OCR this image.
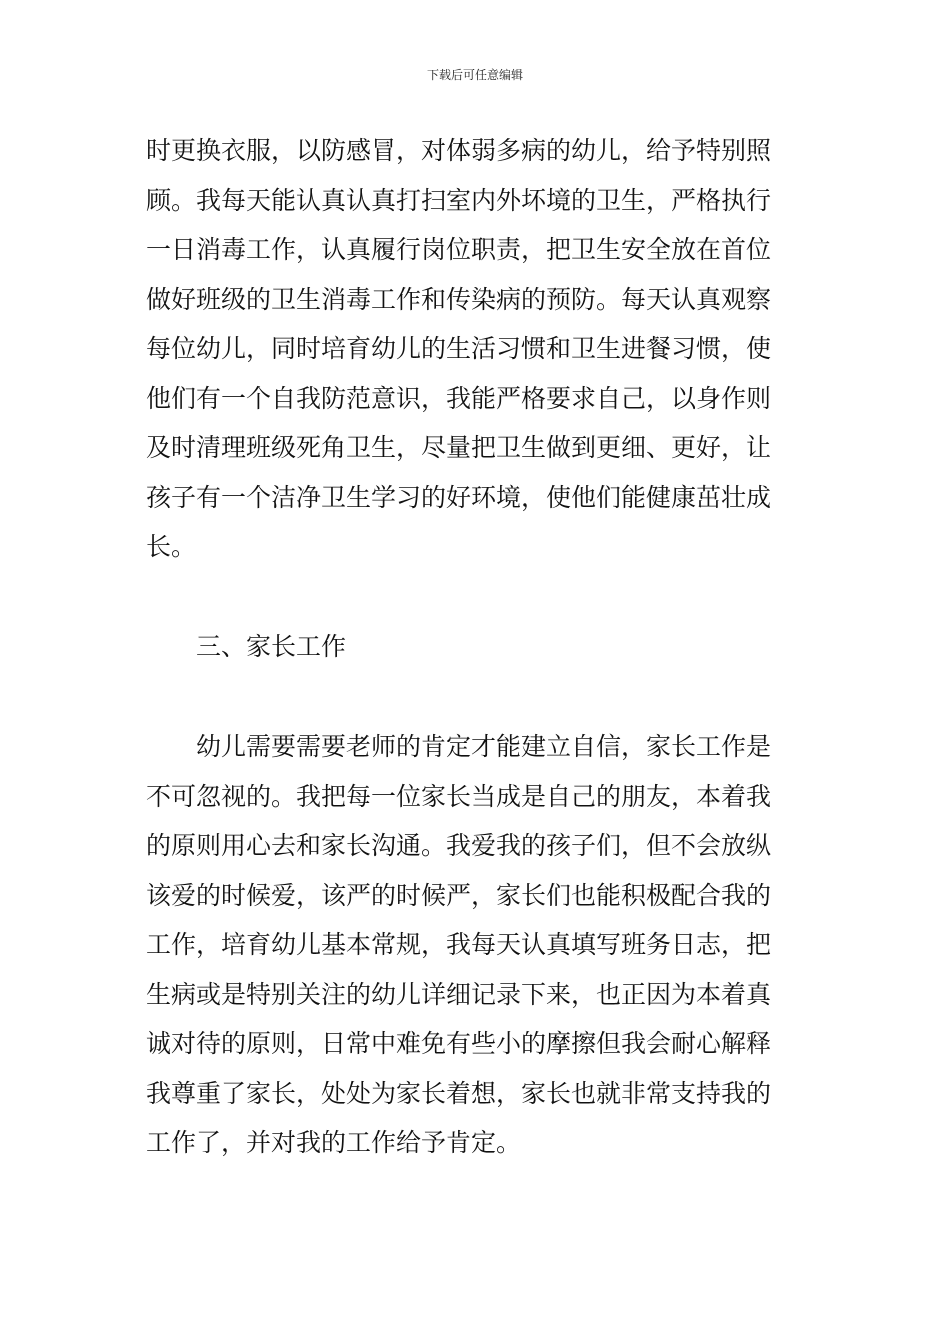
下载后可任意编辑
时更换衣服，以防感冒，对体弱多病的幼儿，给予特别照
顾。我每天能认真认真打扫室内外坏境的卫生，严格执行
一日消毒工作，认真履行岗位职责，把卫生安全放在首位
做好班级的卫生消毒工作和传染病的预防。每天认真观察
每位幼儿，同时培育幼儿的生活习惯和卫生进餐习惯，使
他们有一个自我防范意识，我能严格要求自己，以身作则
及时清理班级死角卫生，尽量把卫生做到更细、更好，让
孩子有一个洁净卫生学习的好环境，使他们能健康茁壮成
长。
三、家长工作
幼儿需要需要老师的肯定才能建立自信，家长工作是
不可忽视的。我把每一位家长当成是自己的朋友，本着我
的原则用心去和家长沟通。我爱我的孩子们，但不会放纵
该爱的时候爱，该严的时候严，家长们也能积极配合我的
工作，培育幼儿基本常规，我每天认真填写班务日志，把
生病或是特别关注的幼儿详细记录下来，也正因为本着真
诚对待的原则，日常中难免有些小的摩擦但我会耐心解释
我尊重了家长，处处为家长着想，家长也就非常支持我的
工作了，并对我的工作给予肯定。
